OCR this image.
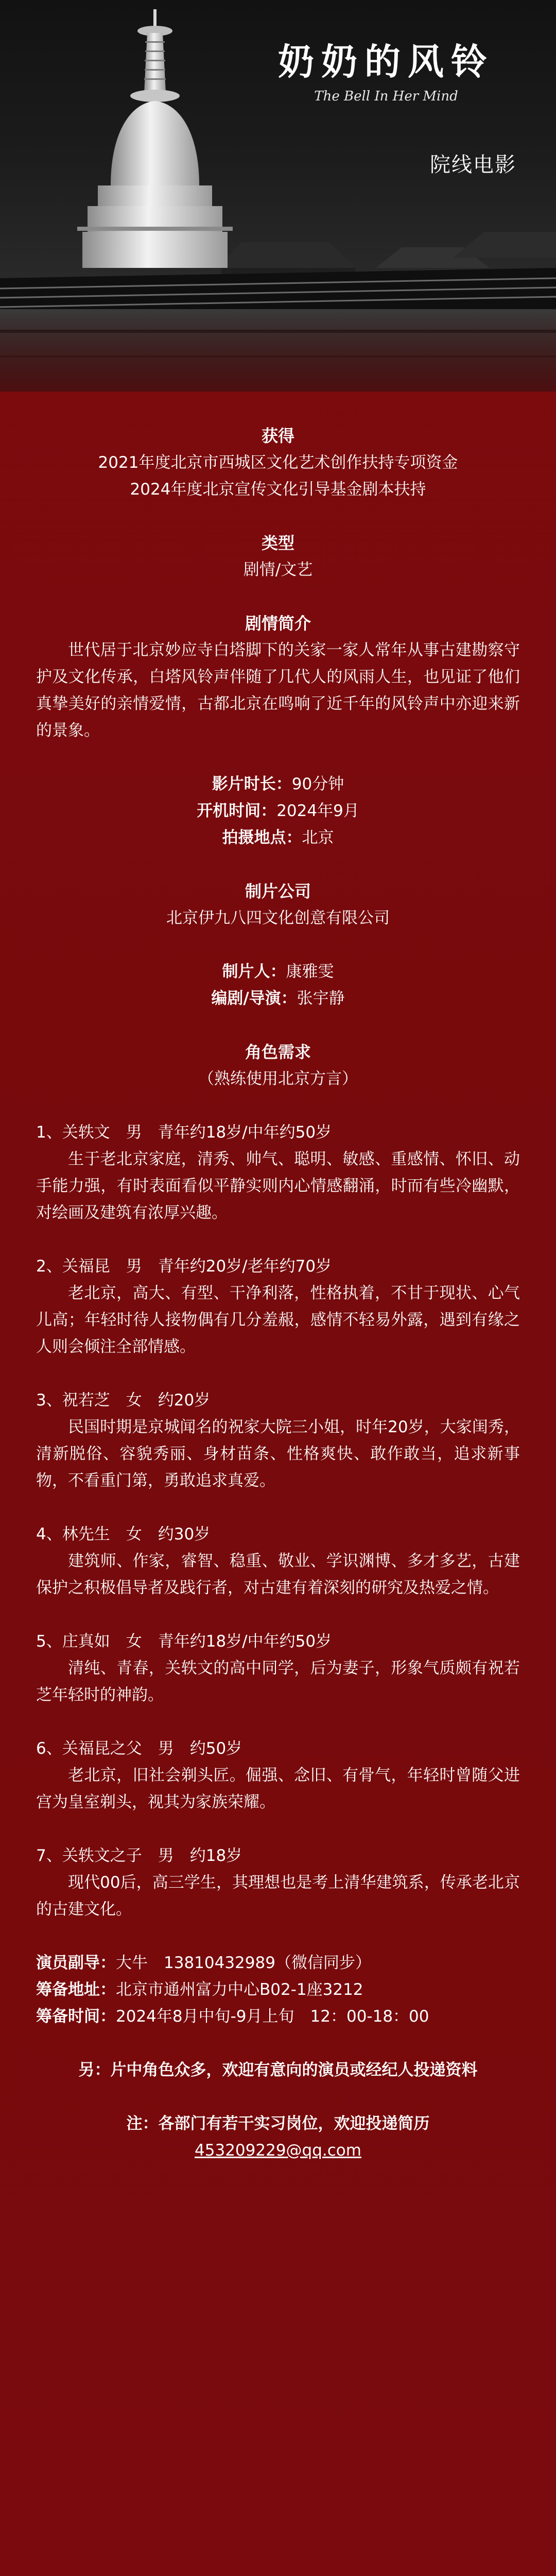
奶奶的风铃
The Bell In Her Mind
院线电影
获得
2021年度北京市西城区文化艺术创作扶持专项资金
2024年度北京宣传文化引导基金剧本扶持
类型
剧情/文艺
剧情简介

世代居于北京妙应寺白塔脚下的关家一家人常年从事古建勘察守护及文化传承，白塔风铃声伴随了几代人的风雨人生，也见证了他们真挚美好的亲情爱情，古都北京在鸣响了近千年的风铃声中亦迎来新的景象。

影片时长：90分钟
开机时间：2024年9月
拍摄地点：北京
制片公司
北京伊九八四文化创意有限公司
制片人：康雅雯
编剧/导演：张宇静
角色需求
（熟练使用北京方言）

1、关轶文　男　青年约18岁/中年约50岁

生于老北京家庭，清秀、帅气、聪明、敏感、重感情、怀旧、动手能力强，有时表面看似平静实则内心情感翻涌，时而有些冷幽默，对绘画及建筑有浓厚兴趣。

2、关福昆　男　青年约20岁/老年约70岁

老北京，高大、有型、干净利落，性格执着，不甘于现状、心气儿高；年轻时待人接物偶有几分羞赧，感情不轻易外露，遇到有缘之人则会倾注全部情感。

3、祝若芝　女　约20岁

民国时期是京城闻名的祝家大院三小姐，时年20岁，大家闺秀，清新脱俗、容貌秀丽、身材苗条、性格爽快、敢作敢当，追求新事物，不看重门第，勇敢追求真爱。

4、林先生　女　约30岁

建筑师、作家，睿智、稳重、敬业、学识渊博、多才多艺，古建保护之积极倡导者及践行者，对古建有着深刻的研究及热爱之情。

5、庄真如　女　青年约18岁/中年约50岁

清纯、青春，关轶文的高中同学，后为妻子，形象气质颇有祝若芝年轻时的神韵。

6、关福昆之父　男　约50岁

老北京，旧社会剃头匠。倔强、念旧、有骨气，年轻时曾随父进宫为皇室剃头，视其为家族荣耀。

7、关轶文之子　男　约18岁

现代00后，高三学生，其理想也是考上清华建筑系，传承老北京的古建文化。

演员副导：大牛　13810432989（微信同步）

筹备地址：北京市通州富力中心B02-1座3212

筹备时间：2024年8月中旬-9月上旬　12：00-18：00

另：片中角色众多，欢迎有意向的演员或经纪人投递资料

注：各部门有若干实习岗位，欢迎投递简历

453209229@qq.com
